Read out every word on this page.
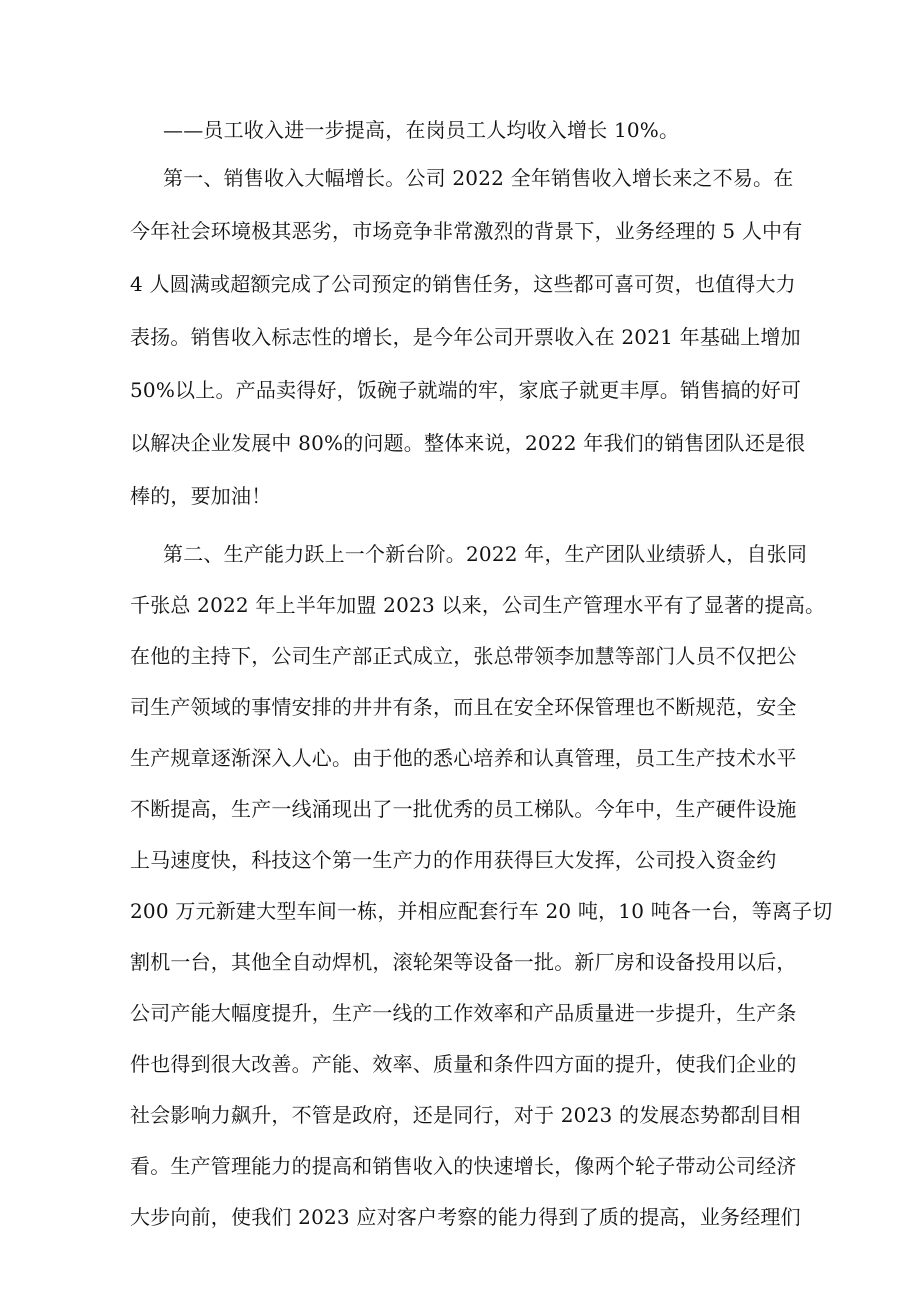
——员工收入进一步提高，在岗员工人均收入增长 10%。
第一、销售收入大幅增长。公司 2022 全年销售收入增长来之不易。在
今年社会环境极其恶劣，市场竞争非常激烈的背景下，业务经理的 5 人中有
4 人圆满或超额完成了公司预定的销售任务，这些都可喜可贺，也值得大力
表扬。销售收入标志性的增长，是今年公司开票收入在 2021 年基础上增加
50%以上。产品卖得好，饭碗子就端的牢，家底子就更丰厚。销售搞的好可
以解决企业发展中 80%的问题。整体来说，2022 年我们的销售团队还是很
棒的，要加油！
第二、生产能力跃上一个新台阶。2022 年，生产团队业绩骄人，自张同
千张总 2022 年上半年加盟 2023 以来，公司生产管理水平有了显著的提高。
在他的主持下，公司生产部正式成立，张总带领李加慧等部门人员不仅把公
司生产领域的事情安排的井井有条，而且在安全环保管理也不断规范，安全
生产规章逐渐深入人心。由于他的悉心培养和认真管理，员工生产技术水平
不断提高，生产一线涌现出了一批优秀的员工梯队。今年中，生产硬件设施
上马速度快，科技这个第一生产力的作用获得巨大发挥，公司投入资金约
200 万元新建大型车间一栋，并相应配套行车 20 吨，10 吨各一台，等离子切
割机一台，其他全自动焊机，滚轮架等设备一批。新厂房和设备投用以后，
公司产能大幅度提升，生产一线的工作效率和产品质量进一步提升，生产条
件也得到很大改善。产能、效率、质量和条件四方面的提升，使我们企业的
社会影响力飙升，不管是政府，还是同行，对于 2023 的发展态势都刮目相
看。生产管理能力的提高和销售收入的快速增长，像两个轮子带动公司经济
大步向前，使我们 2023 应对客户考察的能力得到了质的提高，业务经理们
